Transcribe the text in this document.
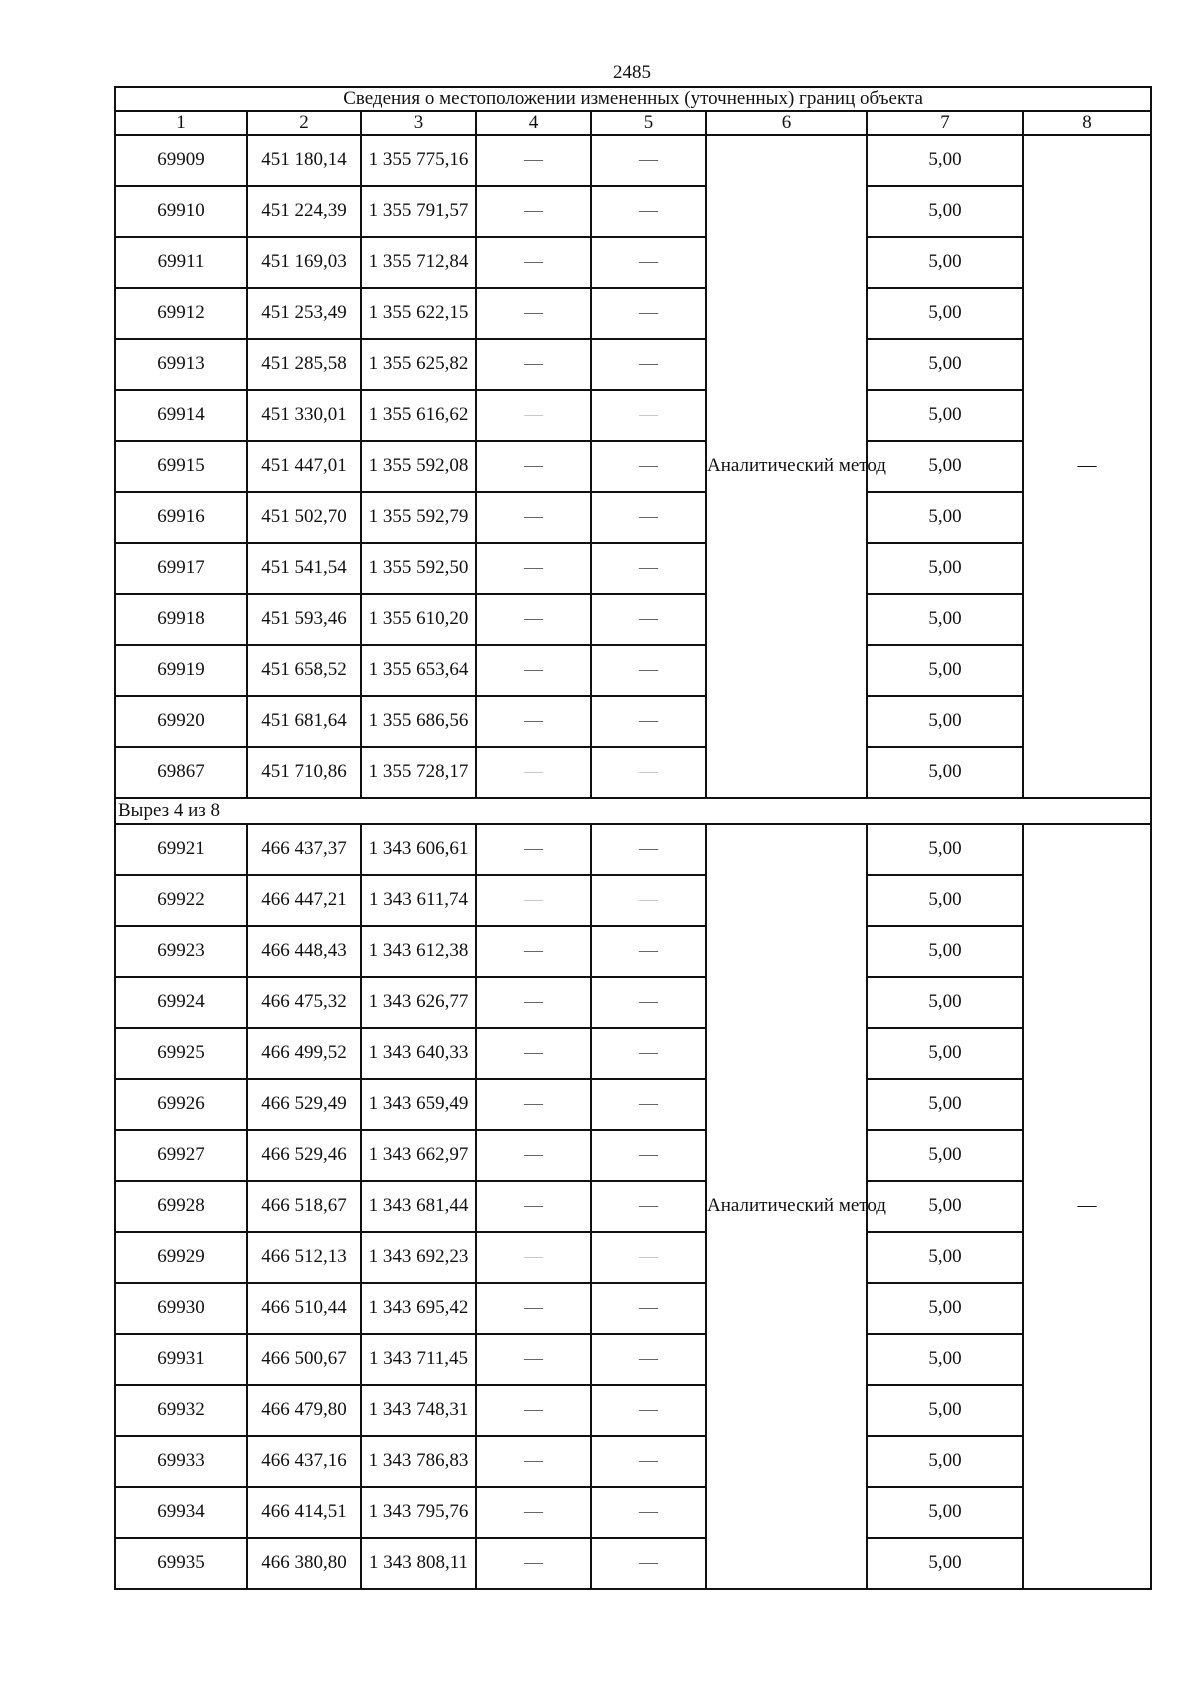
2485
Сведения о местоположении измененных (уточненных) границ объекта							
1	2	3	4	5	6	7	8
69909	451 180,14	1 355 775,16	—	—	Аналитический метод	5,00	—
69910	451 224,39	1 355 791,57	—	—		5,00	
69911	451 169,03	1 355 712,84	—	—		5,00	
69912	451 253,49	1 355 622,15	—	—		5,00	
69913	451 285,58	1 355 625,82	—	—		5,00	
69914	451 330,01	1 355 616,62	—	—		5,00	
69915	451 447,01	1 355 592,08	—	—		5,00	
69916	451 502,70	1 355 592,79	—	—		5,00	
69917	451 541,54	1 355 592,50	—	—		5,00	
69918	451 593,46	1 355 610,20	—	—		5,00	
69919	451 658,52	1 355 653,64	—	—		5,00	
69920	451 681,64	1 355 686,56	—	—		5,00	
69867	451 710,86	1 355 728,17	—	—		5,00	
Вырез 4 из 8							
69921	466 437,37	1 343 606,61	—	—	Аналитический метод	5,00	—
69922	466 447,21	1 343 611,74	—	—		5,00	
69923	466 448,43	1 343 612,38	—	—		5,00	
69924	466 475,32	1 343 626,77	—	—		5,00	
69925	466 499,52	1 343 640,33	—	—		5,00	
69926	466 529,49	1 343 659,49	—	—		5,00	
69927	466 529,46	1 343 662,97	—	—		5,00	
69928	466 518,67	1 343 681,44	—	—		5,00	
69929	466 512,13	1 343 692,23	—	—		5,00	
69930	466 510,44	1 343 695,42	—	—		5,00	
69931	466 500,67	1 343 711,45	—	—		5,00	
69932	466 479,80	1 343 748,31	—	—		5,00	
69933	466 437,16	1 343 786,83	—	—		5,00	
69934	466 414,51	1 343 795,76	—	—		5,00	
69935	466 380,80	1 343 808,11	—	—		5,00	
